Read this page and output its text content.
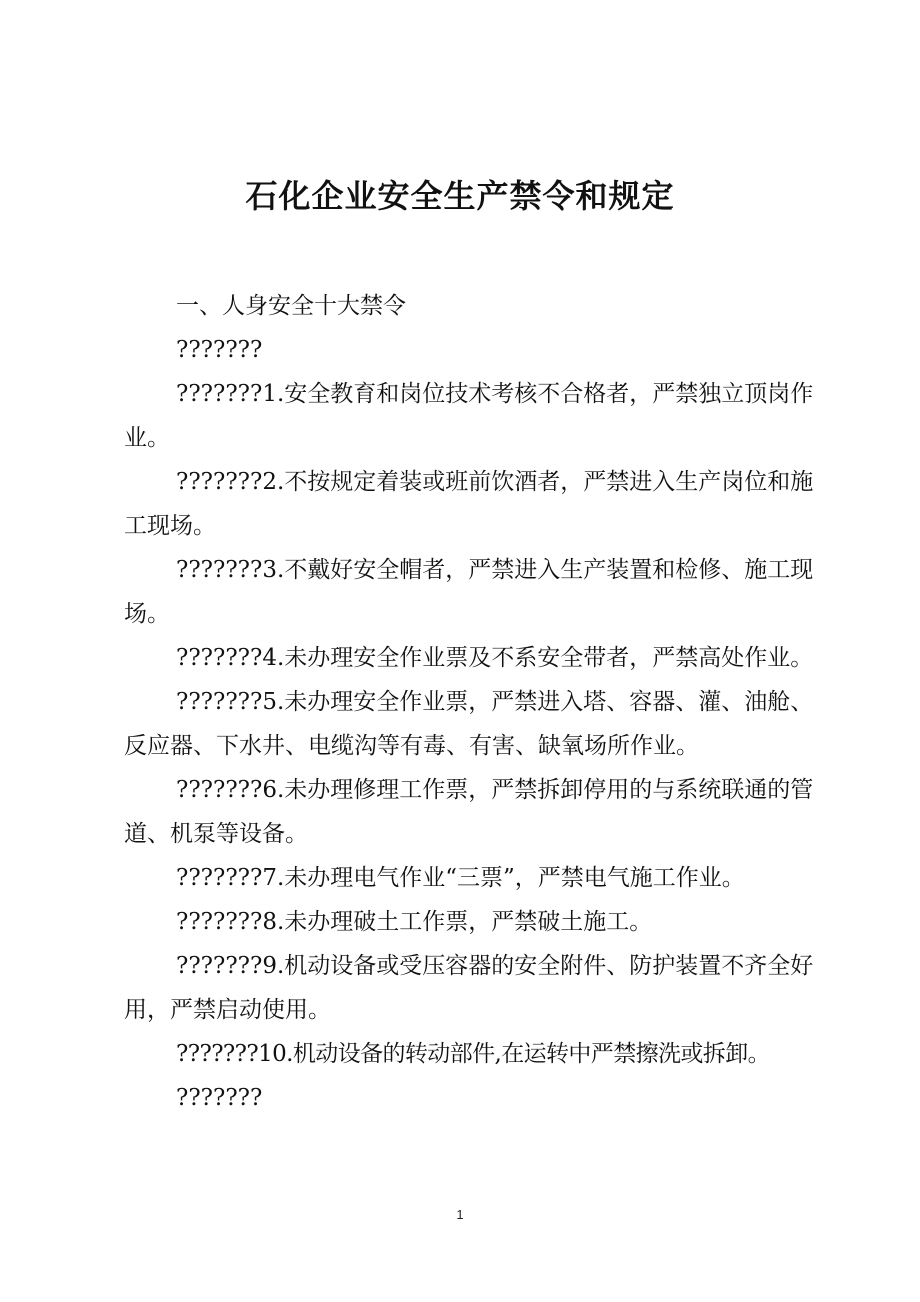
石化企业安全生产禁令和规定

一、人身安全十大禁令

???????

???????1.安全教育和岗位技术考核不合格者，严禁独立顶岗作业。

???????2.不按规定着装或班前饮酒者，严禁进入生产岗位和施工现场。

???????3.不戴好安全帽者，严禁进入生产装置和检修、施工现场。

???????4.未办理安全作业票及不系安全带者，严禁高处作业。

???????5.未办理安全作业票，严禁进入塔、容器、灌、油舱、反应器、下水井、电缆沟等有毒、有害、缺氧场所作业。

???????6.未办理修理工作票，严禁拆卸停用的与系统联通的管道、机泵等设备。

???????7.未办理电气作业“三票”，严禁电气施工作业。

???????8.未办理破土工作票，严禁破土施工。

???????9.机动设备或受压容器的安全附件、防护装置不齐全好用，严禁启动使用。

???????10.机动设备的转动部件,在运转中严禁擦洗或拆卸。

???????

1
